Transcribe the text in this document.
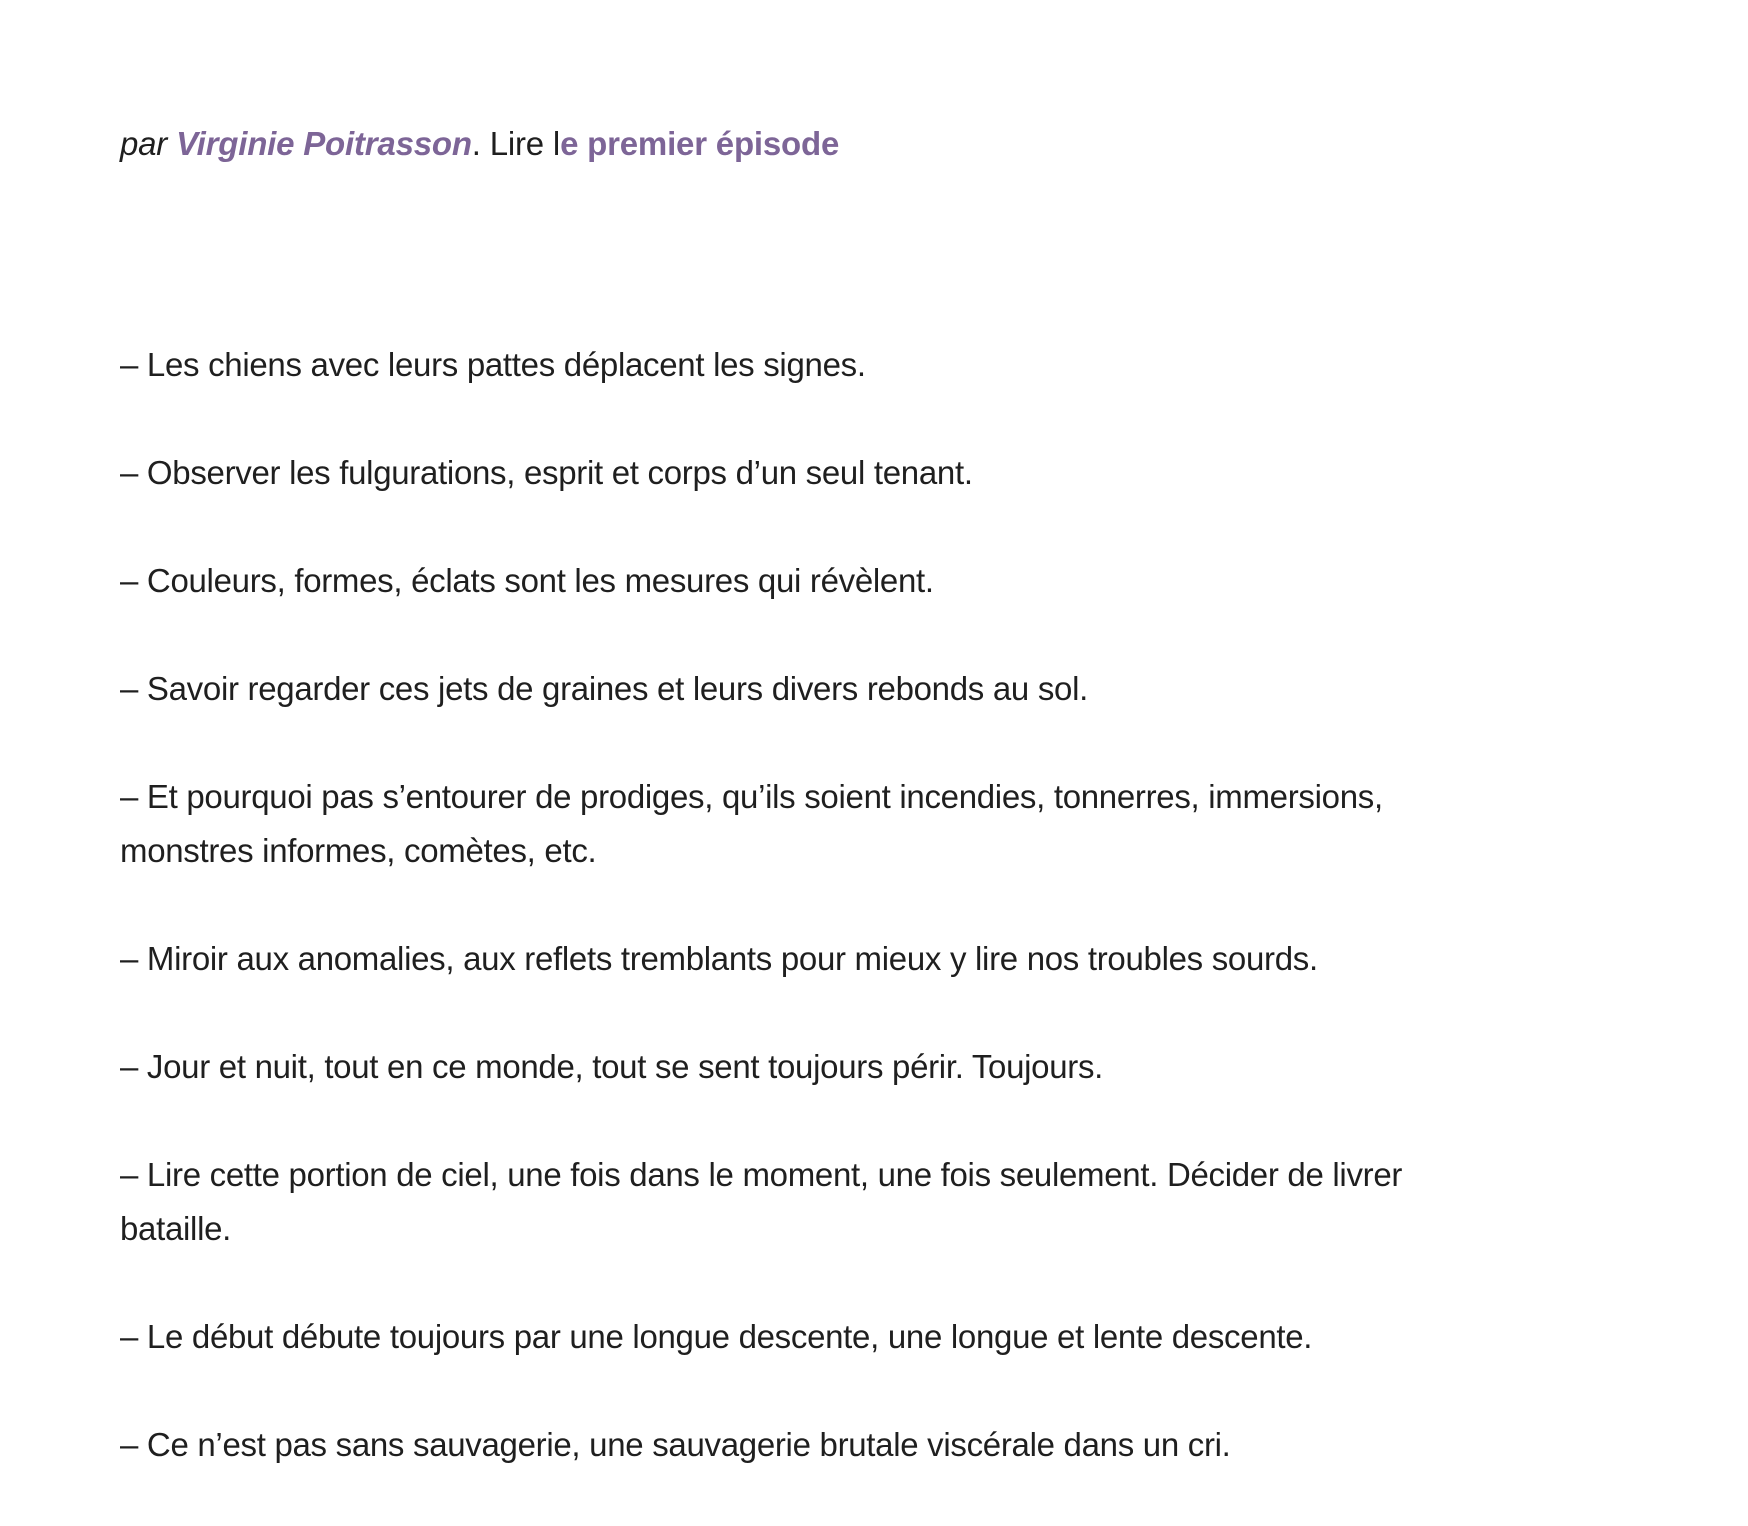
par Virginie Poitrasson. Lire le premier épisode

– Les chiens avec leurs pattes déplacent les signes.

– Observer les fulgurations, esprit et corps d’un seul tenant.

– Couleurs, formes, éclats sont les mesures qui révèlent.

– Savoir regarder ces jets de graines et leurs divers rebonds au sol.

– Et pourquoi pas s’entourer de prodiges, qu’ils soient incendies, tonnerres, immersions, monstres informes, comètes, etc.

– Miroir aux anomalies, aux reflets tremblants pour mieux y lire nos troubles sourds.

– Jour et nuit, tout en ce monde, tout se sent toujours périr. Toujours.

– Lire cette portion de ciel, une fois dans le moment, une fois seulement. Décider de livrer bataille.

– Le début débute toujours par une longue descente, une longue et lente descente.

– Ce n’est pas sans sauvagerie, une sauvagerie brutale viscérale dans un cri.
